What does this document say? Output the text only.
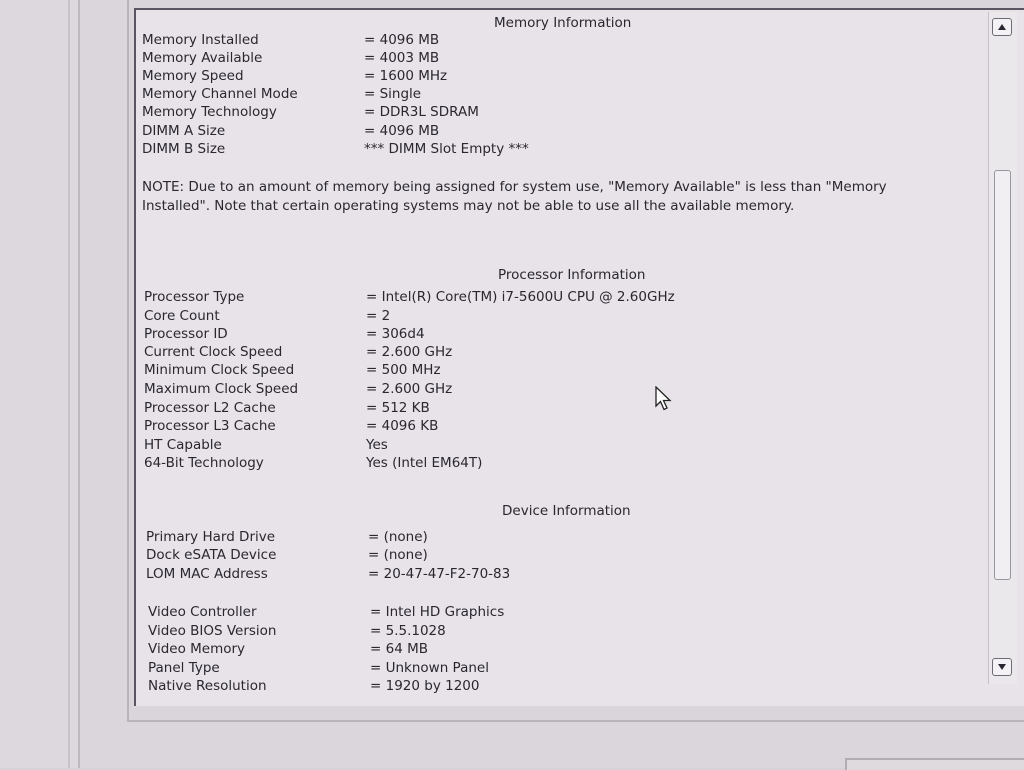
Memory Information
Memory Installed	= 4096 MB
Memory Available	= 4003 MB
Memory Speed	= 1600 MHz
Memory Channel Mode	= Single
Memory Technology	= DDR3L SDRAM
DIMM A Size	= 4096 MB
DIMM B Size	*** DIMM Slot Empty ***
NOTE: Due to an amount of memory being assigned for system use, "Memory Available" is less than "Memory Installed". Note that certain operating systems may not be able to use all the available memory.
Processor Information
Processor Type	= Intel(R) Core(TM) i7-5600U CPU @ 2.60GHz
Core Count	= 2
Processor ID	= 306d4
Current Clock Speed	= 2.600 GHz
Minimum Clock Speed	= 500 MHz
Maximum Clock Speed	= 2.600 GHz
Processor L2 Cache	= 512 KB
Processor L3 Cache	= 4096 KB
HT Capable	Yes
64-Bit Technology	Yes (Intel EM64T)
Device Information
Primary Hard Drive	= (none)
Dock eSATA Device	= (none)
LOM MAC Address	= 20-47-47-F2-70-83
Video Controller	= Intel HD Graphics
Video BIOS Version	= 5.5.1028
Video Memory	= 64 MB
Panel Type	= Unknown Panel
Native Resolution	= 1920 by 1200
